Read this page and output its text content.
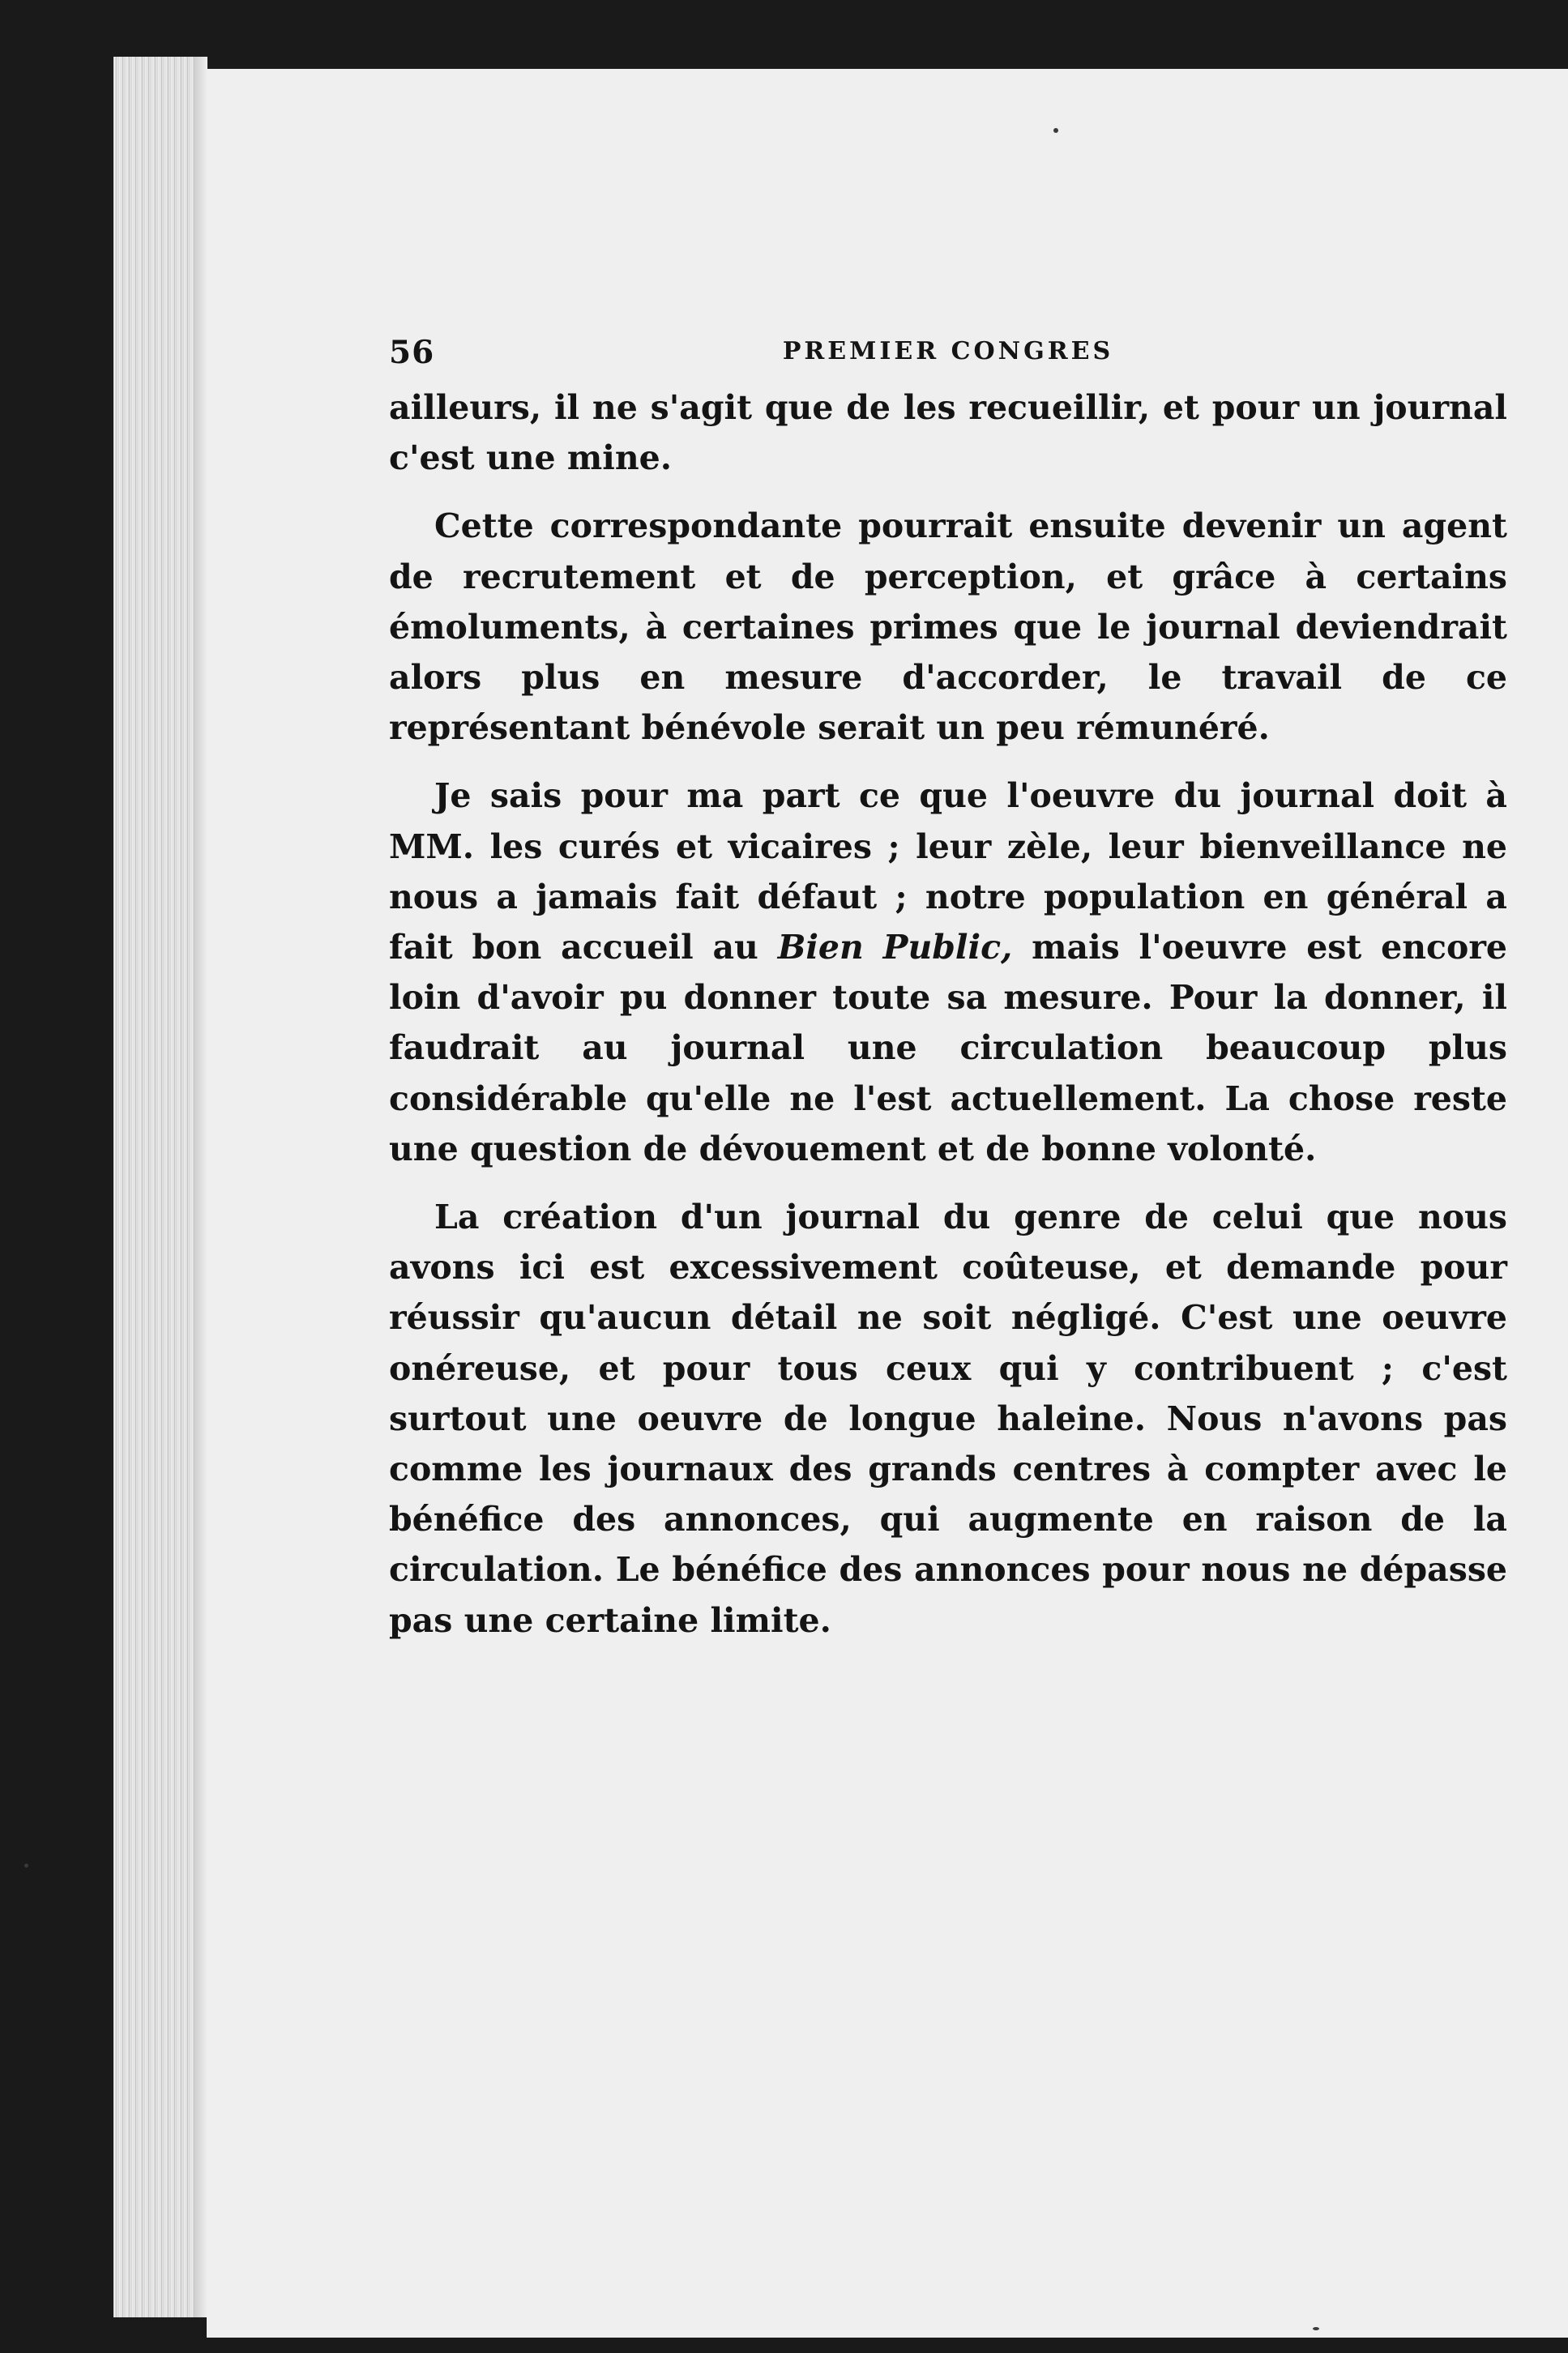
56	PREMIER CONGRES

ailleurs, il ne s'agit que de les recueillir, et pour un journal c'est une mine.

Cette correspondante pourrait ensuite devenir un agent de recrutement et de perception, et grâce à certains émoluments, à certaines primes que le journal deviendrait alors plus en mesure d'accorder, le travail de ce représentant bénévole serait un peu rémunéré.

Je sais pour ma part ce que l'oeuvre du journal doit à MM. les curés et vicaires ; leur zèle, leur bienveillance ne nous a jamais fait défaut ; notre population en général a fait bon accueil au Bien Public, mais l'oeuvre est encore loin d'avoir pu donner toute sa mesure. Pour la donner, il faudrait au journal une circulation beaucoup plus considérable qu'elle ne l'est actuellement. La chose reste une question de dévouement et de bonne volonté.

La création d'un journal du genre de celui que nous avons ici est excessivement coûteuse, et demande pour réussir qu'aucun détail ne soit négligé. C'est une oeuvre onéreuse, et pour tous ceux qui y contribuent ; c'est surtout une oeuvre de longue haleine. Nous n'avons pas comme les journaux des grands centres à compter avec le bénéfice des annonces, qui augmente en raison de la circulation. Le bénéfice des annonces pour nous ne dépasse pas une certaine limite.
